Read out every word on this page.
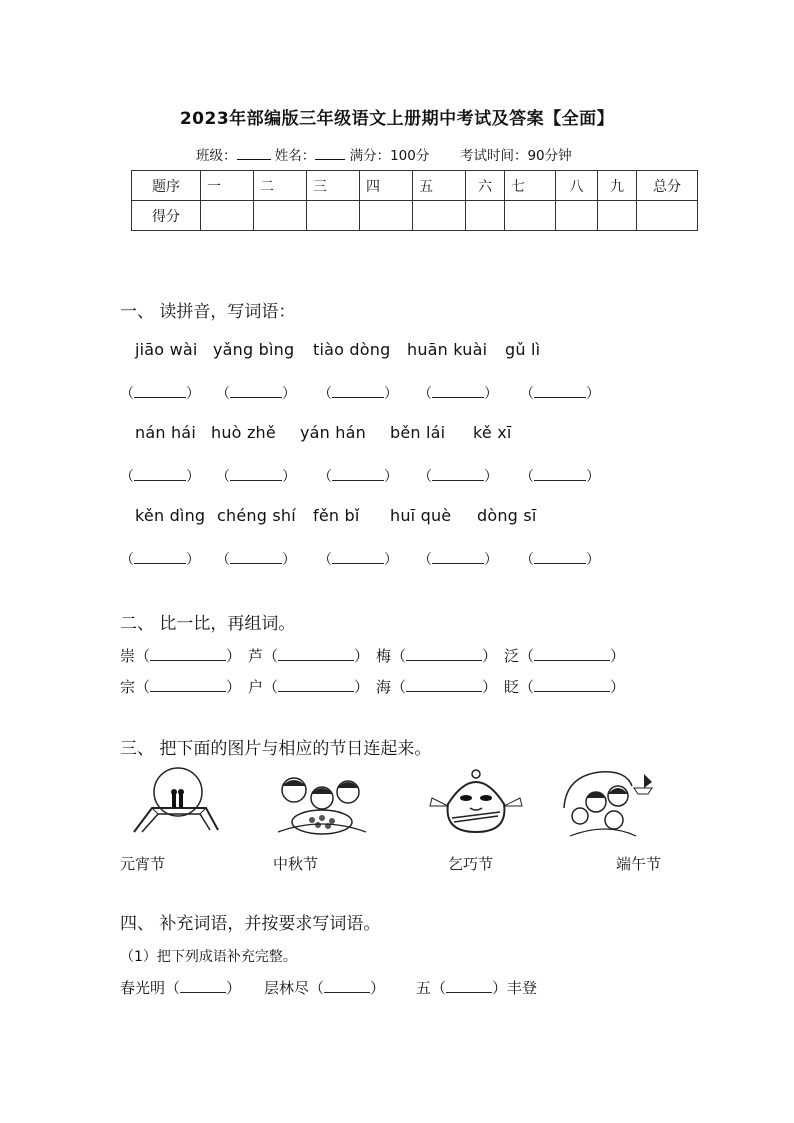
2023年部编版三年级语文上册期中考试及答案【全面】
班级：	姓名：	满分：100分 考试时间：90分钟
题序	一	二	三	四	五	六	七	八	九	总分
得分										
一、 读拼音，写词语：
jiāo wài yǎng bìng tiào dòng huān kuài gǔ lì
（	） （	） （	） （	） （	）
nán hái huò zhě yán hán běn lái kě xī
（	） （	） （	） （	） （	）
kěn dìng chéng shí fěn bǐ huī què dòng sī
（	） （	） （	） （	） （	）
二、 比一比，再组词。
崇（	） 芦（	） 梅（	） 泛（	）
宗（	） 户（	） 海（	） 眨（	）
三、 把下面的图片与相应的节日连起来。
元宵节	中秋节	乞巧节	端午节
四、 补充词语，并按要求写词语。
（1）把下列成语补充完整。
春光明（	） 层林尽（	） 五（	）丰登
